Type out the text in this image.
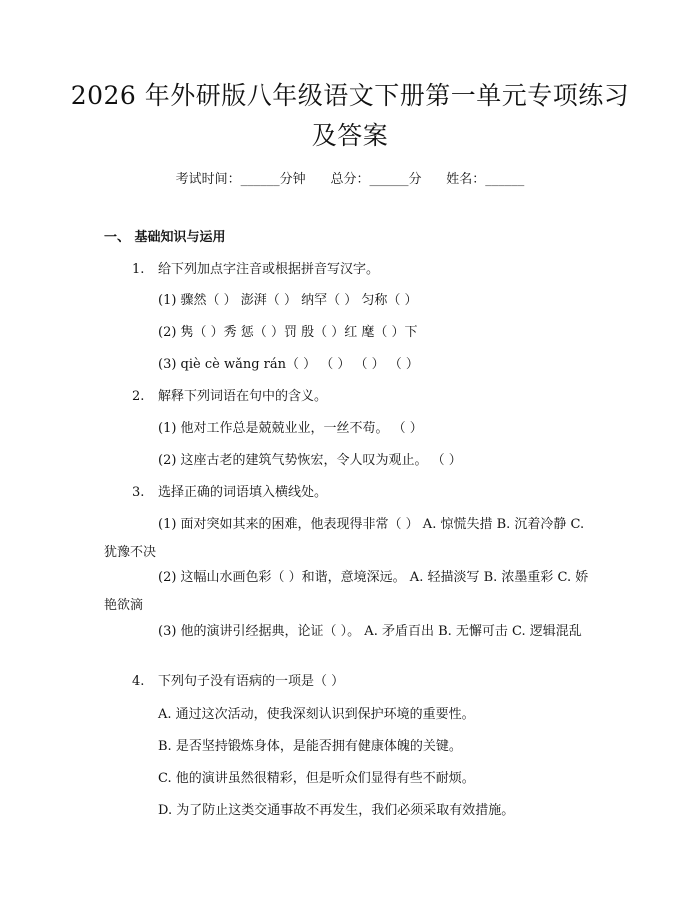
2026 年外研版八年级语文下册第一单元专项练习及答案
考试时间：______分钟 总分：______分 姓名：______
一、 基础知识与运用
1. 给下列加点字注音或根据拼音写汉字。
(1) 骤然（ ） 澎湃（ ） 纳罕（ ） 匀称（ ）
(2) 隽（ ）秀 惩（ ）罚 殷（ ）红 麾（ ）下
(3) qiè cè wǎng rán（ ） （ ） （ ） （ ）
2. 解释下列词语在句中的含义。
(1) 他对工作总是兢兢业业，一丝不苟。 （ ）
(2) 这座古老的建筑气势恢宏，令人叹为观止。 （ ）
3. 选择正确的词语填入横线处。
(1) 面对突如其来的困难，他表现得非常（ ） A. 惊慌失措 B. 沉着冷静 C. 犹豫不决
(2) 这幅山水画色彩（ ）和谐，意境深远。 A. 轻描淡写 B. 浓墨重彩 C. 娇艳欲滴
(3) 他的演讲引经据典，论证（ ）。 A. 矛盾百出 B. 无懈可击 C. 逻辑混乱
4. 下列句子没有语病的一项是（ ）
A. 通过这次活动，使我深刻认识到保护环境的重要性。
B. 是否坚持锻炼身体，是能否拥有健康体魄的关键。
C. 他的演讲虽然很精彩，但是听众们显得有些不耐烦。
D. 为了防止这类交通事故不再发生，我们必须采取有效措施。
